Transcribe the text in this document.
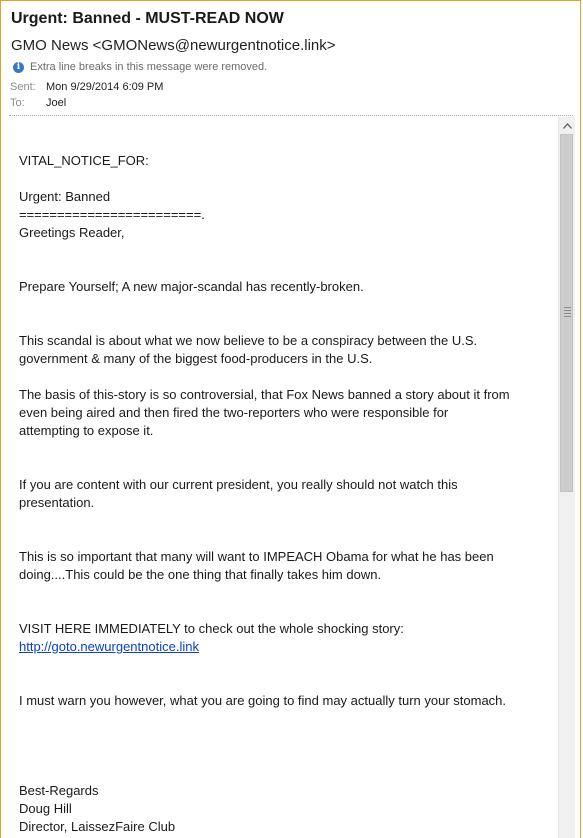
Urgent: Banned - MUST-READ NOW
GMO News <GMONews@newurgentnotice.link>
i Extra line breaks in this message were removed.
Sent: Mon 9/29/2014 6:09 PM
To:	Joel

VITAL_NOTICE_FOR:

Urgent: Banned

========================.

Greetings Reader,

Prepare Yourself; A new major-scandal has recently-broken.

This scandal is about what we now believe to be a conspiracy between the U.S.

government & many of the biggest food-producers in the U.S.

The basis of this-story is so controversial, that Fox News banned a story about it from

even being aired and then fired the two-reporters who were responsible for

attempting to expose it.

If you are content with our current president, you really should not watch this

presentation.

This is so important that many will want to IMPEACH Obama for what he has been

doing....This could be the one thing that finally takes him down.

VISIT HERE IMMEDIATELY to check out the whole shocking story:

http://goto.newurgentnotice.link

I must warn you however, what you are going to find may actually turn your stomach.

Best-Regards

Doug Hill

Director, LaissezFaire Club
